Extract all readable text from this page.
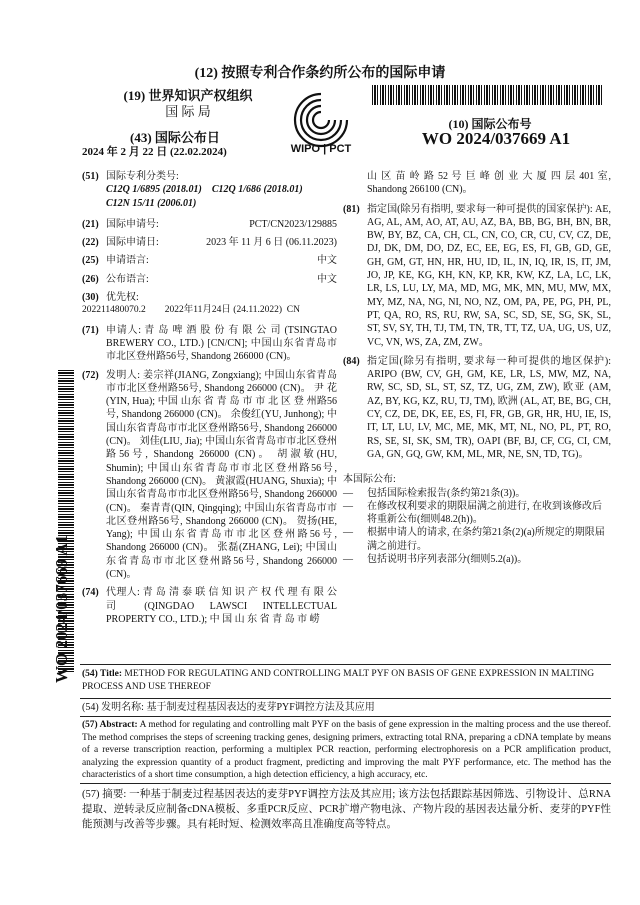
(12) 按照专利合作条约所公布的国际申请
(19) 世界知识产权组织
国 际 局
(43) 国际公布日
2024 年 2 月 22 日 (22.02.2024)	WIPO | PCT
(10) 国际公布号
WO 2024/037669 A1
WO 2024/037669 A1
(51) 国际专利分类号:
C12Q 1/6895 (2018.01) C12Q 1/686 (2018.01)
C12N 15/11 (2006.01)
(21) 国际申请号:	PCT/CN2023/129885
(22) 国际申请日:	2023 年 11 月 6 日 (06.11.2023)
(25) 申请语言:	中文
(26) 公布语言:	中文
(30) 优先权:
202211480070.2        2022年11月24日 (24.11.2022)  CN
(71) 申请人: 青 岛 啤 酒 股 份 有 限 公 司 (TSINGTAO BREWERY CO., LTD.) [CN/CN]; 中国山东省青岛市市北区登州路56号, Shandong 266000 (CN)。

(72) 发明人: 姜宗祥(JIANG, Zongxiang); 中国山东省青岛市市北区登州路56号, Shandong 266000 (CN)。 尹 花 (YIN, Hua); 中国 山东 省 青 岛 市 市 北 区 登 州路56号, Shandong 266000 (CN)。 余俊红(YU, Junhong); 中国山东省青岛市市北区登州路56号, Shandong 266000 (CN)。 刘佳(LIU, Jia); 中国山东省青岛市市北区登州路56号, Shandong 266000 (CN)。 胡淑敏(HU, Shumin); 中国山东省青岛市市北区登州路56号, Shandong 266000 (CN)。 黄淑霞(HUANG, Shuxia); 中国山东省青岛市市北区登州路56号, Shandong 266000 (CN)。 秦青青(QIN, Qingqing); 中国山东省青岛市市北区登州路56号, Shandong 266000 (CN)。 贺扬(HE, Yang); 中国山东省青岛市市北区登州路56号, Shandong 266000 (CN)。 张磊(ZHANG, Lei); 中国山东省青岛市市北区登州路56号, Shandong 266000 (CN)。

(74) 代理人: 青 岛 清 泰 联 信 知 识 产 权 代 理 有 限 公 司 (QINGDAO LAWSCI INTELLECTUAL PROPERTY CO., LTD.); 中 国 山 东 省 青 岛 市 崂

山 区 苗 岭 路 52 号 巨 峰 创 业 大 厦 四 层 401 室, Shandong 266100 (CN)。

(81) 指定国(除另有指明, 要求每一种可提供的国家保护): AE, AG, AL, AM, AO, AT, AU, AZ, BA, BB, BG, BH, BN, BR, BW, BY, BZ, CA, CH, CL, CN, CO, CR, CU, CV, CZ, DE, DJ, DK, DM, DO, DZ, EC, EE, EG, ES, FI, GB, GD, GE, GH, GM, GT, HN, HR, HU, ID, IL, IN, IQ, IR, IS, IT, JM, JO, JP, KE, KG, KH, KN, KP, KR, KW, KZ, LA, LC, LK, LR, LS, LU, LY, MA, MD, MG, MK, MN, MU, MW, MX, MY, MZ, NA, NG, NI, NO, NZ, OM, PA, PE, PG, PH, PL, PT, QA, RO, RS, RU, RW, SA, SC, SD, SE, SG, SK, SL, ST, SV, SY, TH, TJ, TM, TN, TR, TT, TZ, UA, UG, US, UZ, VC, VN, WS, ZA, ZM, ZW。

(84) 指定国(除另有指明, 要求每一种可提供的地区保护): ARIPO (BW, CV, GH, GM, KE, LR, LS, MW, MZ, NA, RW, SC, SD, SL, ST, SZ, TZ, UG, ZM, ZW), 欧亚 (AM, AZ, BY, KG, KZ, RU, TJ, TM), 欧洲 (AL, AT, BE, BG, CH, CY, CZ, DE, DK, EE, ES, FI, FR, GB, GR, HR, HU, IE, IS, IT, LT, LU, LV, MC, ME, MK, MT, NL, NO, PL, PT, RO, RS, SE, SI, SK, SM, TR), OAPI (BF, BJ, CF, CG, CI, CM, GA, GN, GQ, GW, KM, ML, MR, NE, SN, TD, TG)。

本国际公布:
—	包括国际检索报告(条约第21条(3))。
—	在修改权利要求的期限届满之前进行, 在收到该修改后将重新公布(细则48.2(h))。
—	根据申请人的请求, 在条约第21条(2)(a)所规定的期限届满之前进行。
—	包括说明书序列表部分(细则5.2(a))。
(54) Title: METHOD FOR REGULATING AND CONTROLLING MALT PYF ON BASIS OF GENE EXPRESSION IN MALTING PROCESS AND USE THEREOF
(54) 发明名称: 基于制麦过程基因表达的麦芽PYF调控方法及其应用
(57) Abstract: A method for regulating and controlling malt PYF on the basis of gene expression in the malting process and the use thereof. The method comprises the steps of screening tracking genes, designing primers, extracting total RNA, preparing a cDNA template by means of a reverse transcription reaction, performing a multiplex PCR reaction, performing electrophoresis on a PCR amplification product, analyzing the expression quantity of a product fragment, predicting and improving the malt PYF performance, etc. The method has the characteristics of a short time consumption, a high detection efficiency, a high accuracy, etc.
(57) 摘要: 一种基于制麦过程基因表达的麦芽PYF调控方法及其应用; 该方法包括跟踪基因筛选、引物设计、总RNA提取、逆转录反应制备cDNA模板、多重PCR反应、PCR扩增产物电泳、产物片段的基因表达量分析、麦芽的PYF性能预测与改善等步骤。具有耗时短、检测效率高且准确度高等特点。
